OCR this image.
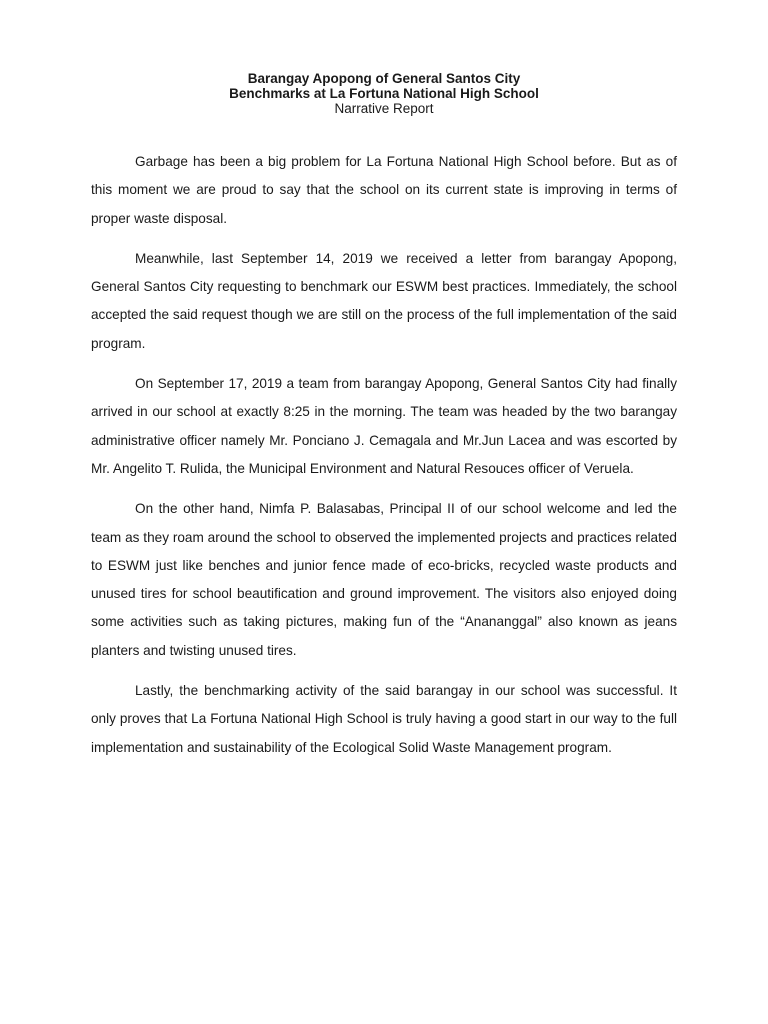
Barangay Apopong of General Santos City
Benchmarks at La Fortuna National High School
Narrative Report

Garbage has been a big problem for La Fortuna National High School before. But as of this moment we are proud to say that the school on its current state is improving in terms of proper waste disposal.

Meanwhile, last September 14, 2019 we received a letter from barangay Apopong, General Santos City requesting to benchmark our ESWM best practices. Immediately, the school accepted the said request though we are still on the process of the full implementation of the said program.

On September 17, 2019 a team from barangay Apopong, General Santos City had finally arrived in our school at exactly 8:25 in the morning. The team was headed by the two barangay administrative officer namely Mr. Ponciano J. Cemagala and Mr.Jun Lacea and was escorted by Mr. Angelito T. Rulida, the Municipal Environment and Natural Resouces officer of Veruela.

On the other hand, Nimfa P. Balasabas, Principal II of our school welcome and led the team as they roam around the school to observed the implemented projects and practices related to ESWM just like benches and junior fence made of eco-bricks, recycled waste products and unused tires for school beautification and ground improvement. The visitors also enjoyed doing some activities such as taking pictures, making fun of the “Anananggal” also known as jeans planters and twisting unused tires.

Lastly, the benchmarking activity of the said barangay in our school was successful. It only proves that La Fortuna National High School is truly having a good start in our way to the full implementation and sustainability of the Ecological Solid Waste Management program.
